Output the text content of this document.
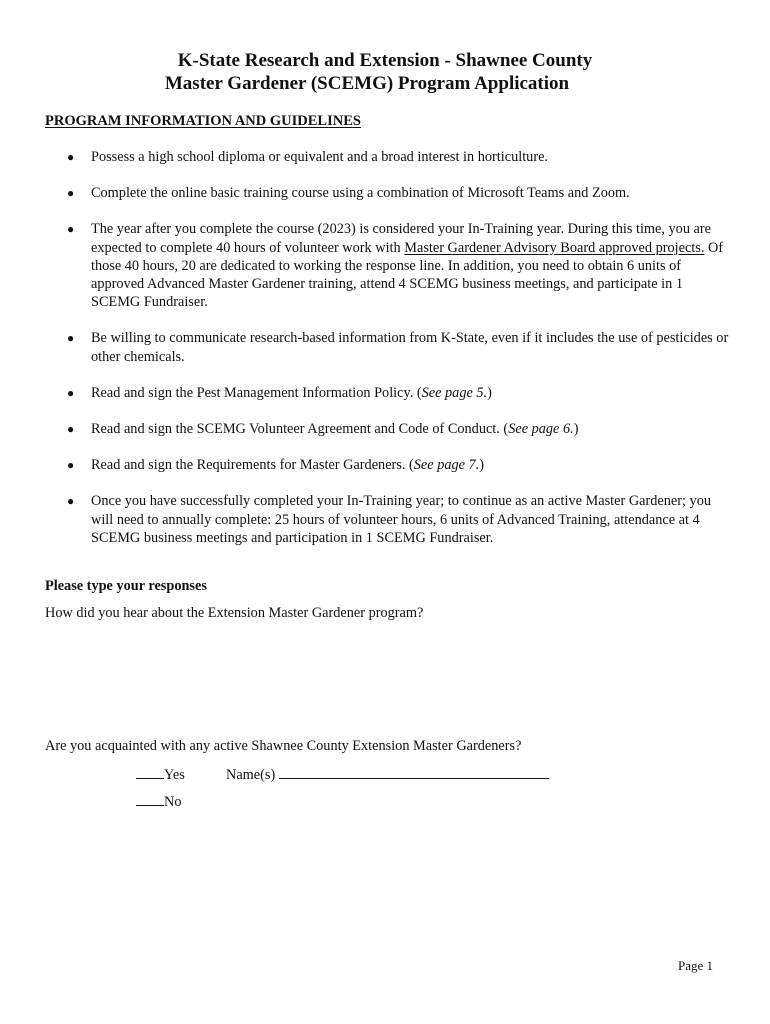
K-State Research and Extension - Shawnee County
Master Gardener (SCEMG) Program Application
PROGRAM INFORMATION AND GUIDELINES
● Possess a high school diploma or equivalent and a broad interest in horticulture.
● Complete the online basic training course using a combination of Microsoft Teams and Zoom.
● The year after you complete the course (2023) is considered your In-Training year. During this time, you are expected to complete 40 hours of volunteer work with Master Gardener Advisory Board approved projects. Of those 40 hours, 20 are dedicated to working the response line. In addition, you need to obtain 6 units of approved Advanced Master Gardener training, attend 4 SCEMG business meetings, and participate in 1 SCEMG Fundraiser.
● Be willing to communicate research-based information from K-State, even if it includes the use of pesticides or other chemicals.
● Read and sign the Pest Management Information Policy. (See page 5.)
● Read and sign the SCEMG Volunteer Agreement and Code of Conduct. (See page 6.)
● Read and sign the Requirements for Master Gardeners. (See page 7.)
● Once you have successfully completed your In-Training year; to continue as an active Master Gardener; you will need to annually complete: 25 hours of volunteer hours, 6 units of Advanced Training, attendance at 4 SCEMG business meetings and participation in 1 SCEMG Fundraiser.
Please type your responses
How did you hear about the Extension Master Gardener program?
Are you acquainted with any active Shawnee County Extension Master Gardeners?
Yes	Name(s)
No
Page 1
